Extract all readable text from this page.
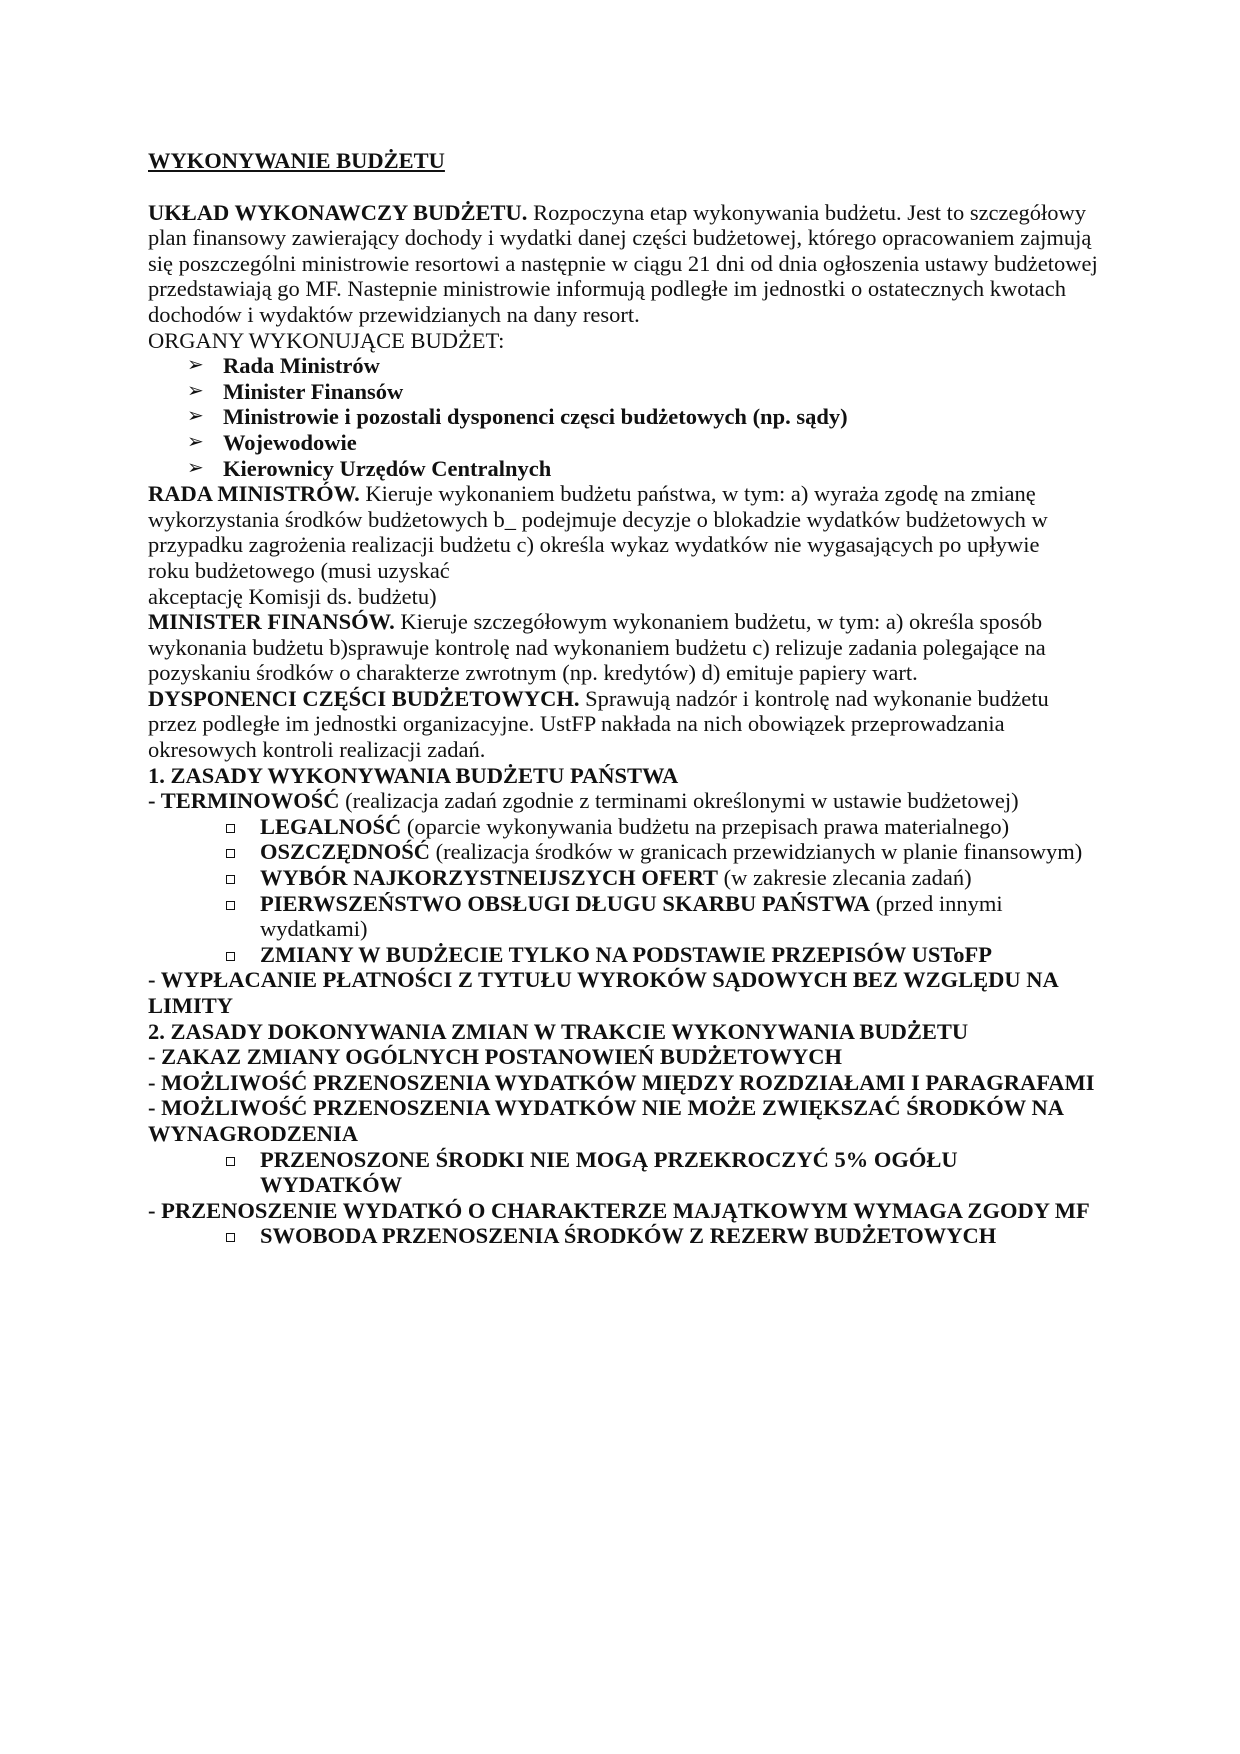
WYKONYWANIE BUDŻETU

UKŁAD WYKONAWCZY BUDŻETU. Rozpoczyna etap wykonywania budżetu. Jest to szczegółowy plan finansowy zawierający dochody i wydatki danej części budżetowej, którego opracowaniem zajmują się poszczególni ministrowie resortowi a następnie w ciągu 21 dni od dnia ogłoszenia ustawy budżetowej przedstawiają go MF. Nastepnie ministrowie informują podległe im jednostki o ostatecznych kwotach dochodów i wydaktów przewidzianych na dany resort.

ORGANY WYKONUJĄCE BUDŻET:

➢ Rada Ministrów
➢ Minister Finansów
➢ Ministrowie i pozostali dysponenci częsci budżetowych (np. sądy)
➢ Wojewodowie
➢ Kierownicy Urzędów Centralnych

RADA MINISTRÓW. Kieruje wykonaniem budżetu państwa, w tym: a) wyraża zgodę na zmianę wykorzystania środków budżetowych b_ podejmuje decyzje o blokadzie wydatków budżetowych w przypadku zagrożenia realizacji budżetu c) określa wykaz wydatków nie wygasających po upływie roku budżetowego (musi uzyskać

akceptację Komisji ds. budżetu)

MINISTER FINANSÓW. Kieruje szczegółowym wykonaniem budżetu, w tym: a) określa sposób wykonania budżetu b)sprawuje kontrolę nad wykonaniem budżetu c) relizuje zadania polegające na pozyskaniu środków o charakterze zwrotnym (np. kredytów) d) emituje papiery wart.

DYSPONENCI CZĘŚCI BUDŻETOWYCH. Sprawują nadzór i kontrolę nad wykonanie budżetu przez podległe im jednostki organizacyjne. UstFP nakłada na nich obowiązek przeprowadzania okresowych kontroli realizacji zadań.

1. ZASADY WYKONYWANIA BUDŻETU PAŃSTWA

- TERMINOWOŚĆ (realizacja zadań zgodnie z terminami określonymi w ustawie budżetowej)

LEGALNOŚĆ (oparcie wykonywania budżetu na przepisach prawa materialnego)
OSZCZĘDNOŚĆ (realizacja środków w granicach przewidzianych w planie finansowym)
WYBÓR NAJKORZYSTNEIJSZYCH OFERT (w zakresie zlecania zadań)
PIERWSZEŃSTWO OBSŁUGI DŁUGU SKARBU PAŃSTWA (przed innymi wydatkami)
ZMIANY W BUDŻECIE TYLKO NA PODSTAWIE PRZEPISÓW USToFP

- WYPŁACANIE PŁATNOŚCI Z TYTUŁU WYROKÓW SĄDOWYCH BEZ WZGLĘDU NA LIMITY

2. ZASADY DOKONYWANIA ZMIAN W TRAKCIE WYKONYWANIA BUDŻETU

- ZAKAZ ZMIANY OGÓLNYCH POSTANOWIEŃ BUDŻETOWYCH

- MOŻLIWOŚĆ PRZENOSZENIA WYDATKÓW MIĘDZY ROZDZIAŁAMI I PARAGRAFAMI

- MOŻLIWOŚĆ PRZENOSZENIA WYDATKÓW NIE MOŻE ZWIĘKSZAĆ ŚRODKÓW NA WYNAGRODZENIA

PRZENOSZONE ŚRODKI NIE MOGĄ PRZEKROCZYĆ 5% OGÓŁU WYDATKÓW

- PRZENOSZENIE WYDATKÓ O CHARAKTERZE MAJĄTKOWYM WYMAGA ZGODY MF

SWOBODA PRZENOSZENIA ŚRODKÓW Z REZERW BUDŻETOWYCH
